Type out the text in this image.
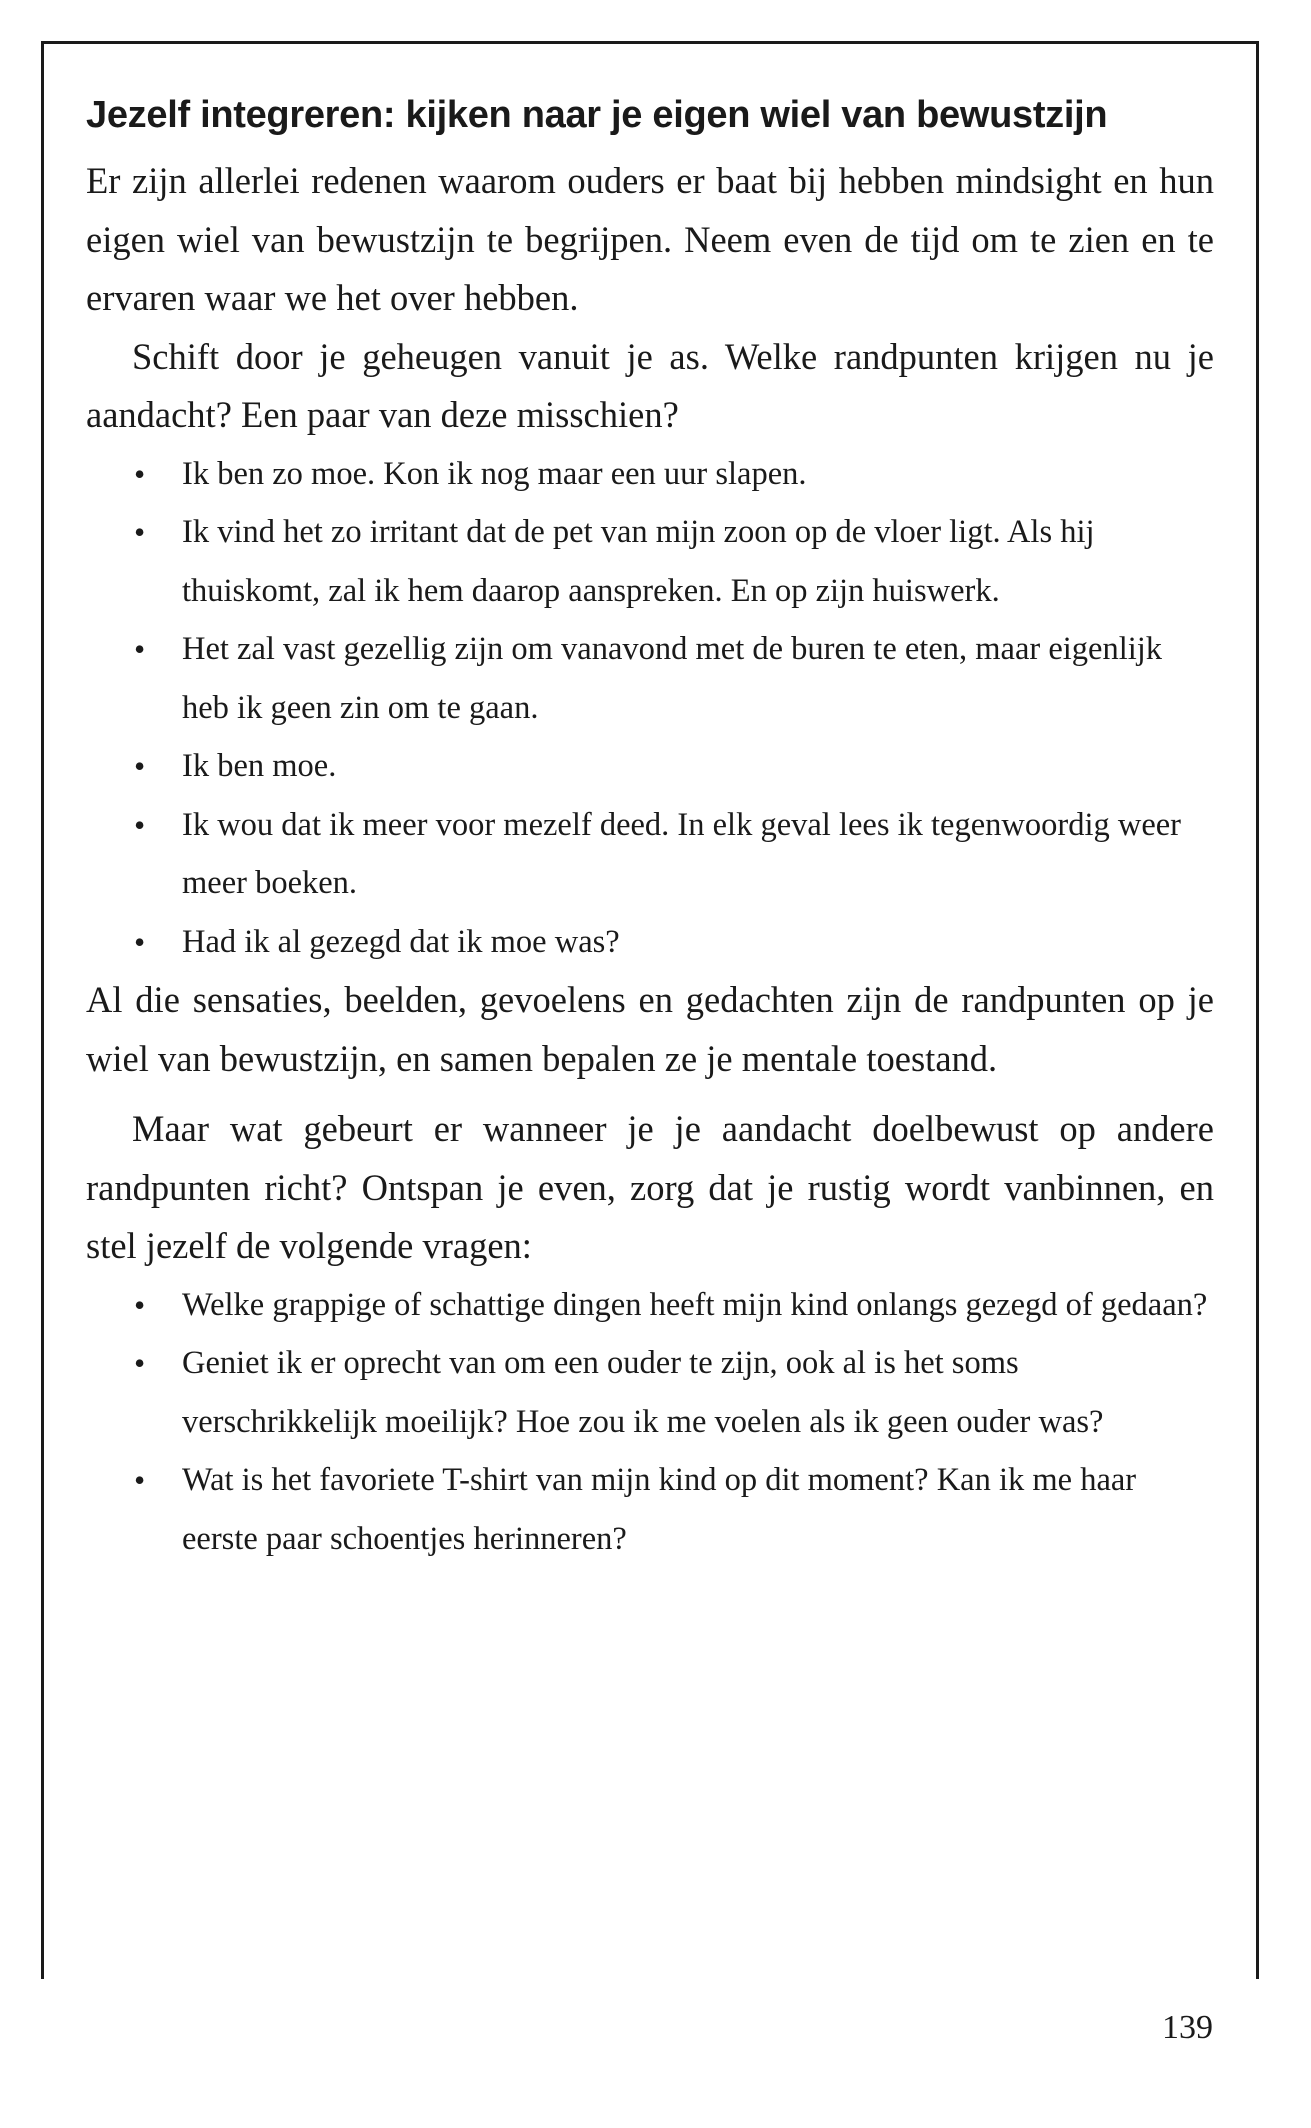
Jezelf integreren: kijken naar je eigen wiel van bewustzijn

Er zijn allerlei redenen waarom ouders er baat bij hebben mindsight en hun eigen wiel van bewustzijn te begrijpen. Neem even de tijd om te zien en te ervaren waar we het over hebben.

Schift door je geheugen vanuit je as. Welke randpunten krijgen nu je aandacht? Een paar van deze misschien?

• Ik ben zo moe. Kon ik nog maar een uur slapen.
• Ik vind het zo irritant dat de pet van mijn zoon op de vloer ligt. Als hij thuiskomt, zal ik hem daarop aanspreken. En op zijn huiswerk.
• Het zal vast gezellig zijn om vanavond met de buren te eten, maar eigenlijk heb ik geen zin om te gaan.
• Ik ben moe.
• Ik wou dat ik meer voor mezelf deed. In elk geval lees ik tegenwoordig weer meer boeken.
• Had ik al gezegd dat ik moe was?

Al die sensaties, beelden, gevoelens en gedachten zijn de randpunten op je wiel van bewustzijn, en samen bepalen ze je mentale toestand.

Maar wat gebeurt er wanneer je je aandacht doelbewust op andere randpunten richt? Ontspan je even, zorg dat je rustig wordt vanbinnen, en stel jezelf de volgende vragen:

• Welke grappige of schattige dingen heeft mijn kind onlangs gezegd of gedaan?
• Geniet ik er oprecht van om een ouder te zijn, ook al is het soms verschrikkelijk moeilijk? Hoe zou ik me voelen als ik geen ouder was?
• Wat is het favoriete T-shirt van mijn kind op dit moment? Kan ik me haar eerste paar schoentjes herinneren?
139
